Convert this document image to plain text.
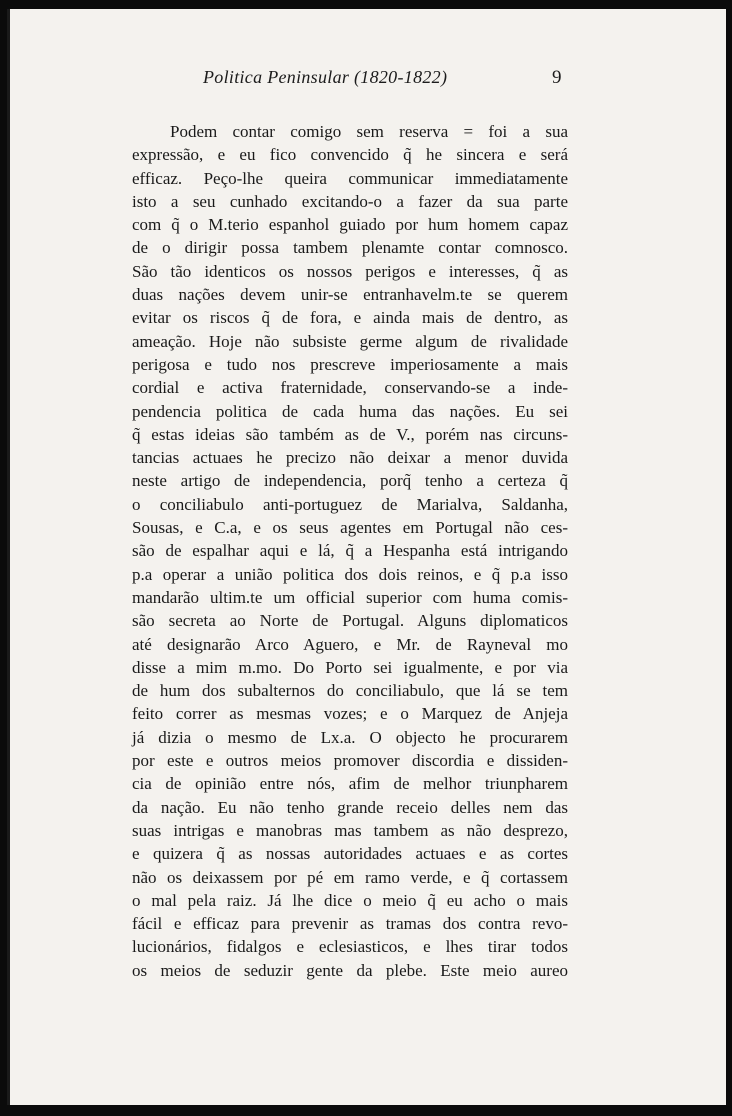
Politica Peninsular (1820-1822)	9
Podem contar comigo sem reserva = foi a sua
expressão, e eu fico convencido q̃ he sincera e será
efficaz. Peço-lhe queira communicar immediatamente
isto a seu cunhado excitando-o a fazer da sua parte
com q̃ o M.terio espanhol guiado por hum homem capaz
de o dirigir possa tambem plenamte contar comnosco.
São tão identicos os nossos perigos e interesses, q̃ as
duas nações devem unir-se entranhavelm.te se querem
evitar os riscos q̃ de fora, e ainda mais de dentro, as
ameação. Hoje não subsiste germe algum de rivalidade
perigosa e tudo nos prescreve imperiosamente a mais
cordial e activa fraternidade, conservando-se a inde-
pendencia politica de cada huma das nações. Eu sei
q̃ estas ideias são também as de V., porém nas circuns-
tancias actuaes he precizo não deixar a menor duvida
neste artigo de independencia, porq̃ tenho a certeza q̃
o conciliabulo anti-portuguez de Marialva, Saldanha,
Sousas, e C.a, e os seus agentes em Portugal não ces-
são de espalhar aqui e lá, q̃ a Hespanha está intrigando
p.a operar a união politica dos dois reinos, e q̃ p.a isso
mandarão ultim.te um official superior com huma comis-
são secreta ao Norte de Portugal. Alguns diplomaticos
até designarão Arco Aguero, e Mr. de Rayneval mo
disse a mim m.mo. Do Porto sei igualmente, e por via
de hum dos subalternos do conciliabulo, que lá se tem
feito correr as mesmas vozes; e o Marquez de Anjeja
já dizia o mesmo de Lx.a. O objecto he procurarem
por este e outros meios promover discordia e dissiden-
cia de opinião entre nós, afim de melhor triunpharem
da nação. Eu não tenho grande receio delles nem das
suas intrigas e manobras mas tambem as não desprezo,
e quizera q̃ as nossas autoridades actuaes e as cortes
não os deixassem por pé em ramo verde, e q̃ cortassem
o mal pela raiz. Já lhe dice o meio q̃ eu acho o mais
fácil e efficaz para prevenir as tramas dos contra revo-
lucionários, fidalgos e eclesiasticos, e lhes tirar todos
os meios de seduzir gente da plebe. Este meio aureo
